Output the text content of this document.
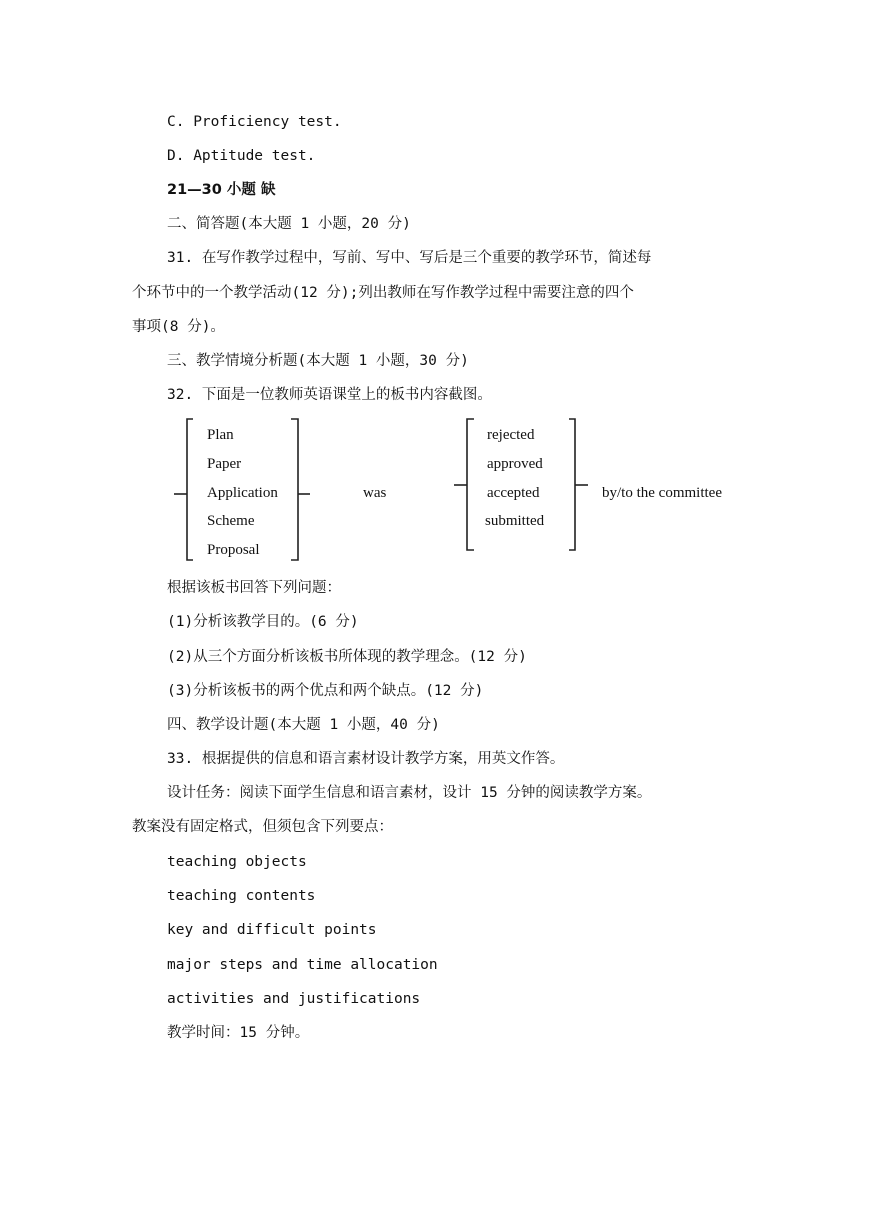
C. Proficiency test.

D. Aptitude test.

21—30 小题 缺

二、简答题(本大题 1 小题，20 分)

31. 在写作教学过程中，写前、写中、写后是三个重要的教学环节，简述每

个环节中的一个教学活动(12 分);列出教师在写作教学过程中需要注意的四个

事项(8 分)。

三、教学情境分析题(本大题 1 小题，30 分)

32. 下面是一位教师英语课堂上的板书内容截图。

Plan
Paper
Application
Scheme
Proposal
was
rejected
approved
accepted
submitted
by/to the committee

根据该板书回答下列问题：

(1)分析该教学目的。(6 分)

(2)从三个方面分析该板书所体现的教学理念。(12 分)

(3)分析该板书的两个优点和两个缺点。(12 分)

四、教学设计题(本大题 1 小题，40 分)

33. 根据提供的信息和语言素材设计教学方案，用英文作答。

设计任务：阅读下面学生信息和语言素材，设计 15 分钟的阅读教学方案。

教案没有固定格式，但须包含下列要点：

teaching objects

teaching contents

key and difficult points

major steps and time allocation

activities and justifications

教学时间：15 分钟。
